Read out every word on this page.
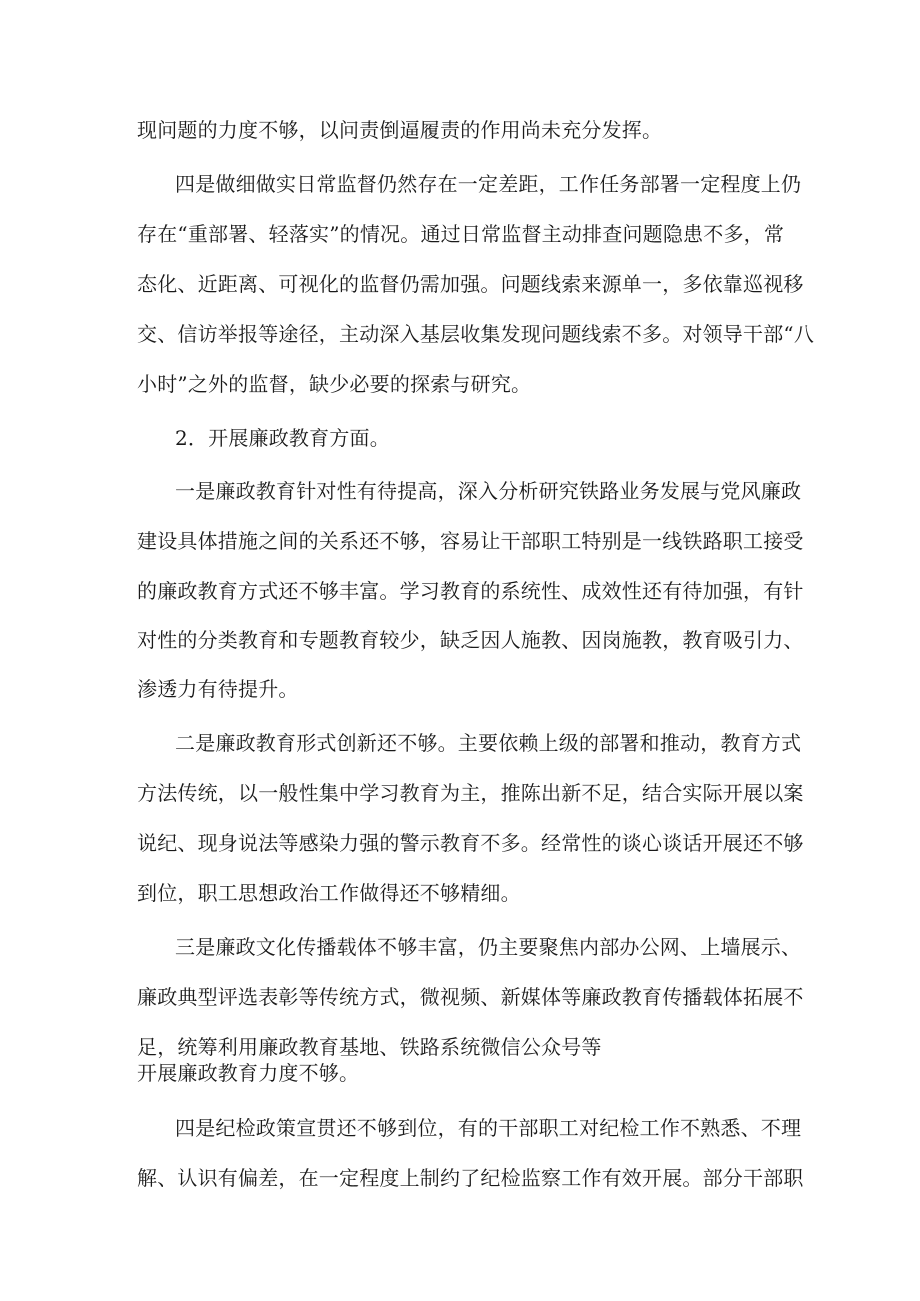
现问题的力度不够，以问责倒逼履责的作用尚未充分发挥。
四是做细做实日常监督仍然存在一定差距，工作任务部署一定程度上仍
存在“重部署、轻落实”的情况。通过日常监督主动排查问题隐患不多，常
态化、近距离、可视化的监督仍需加强。问题线索来源单一，多依靠巡视移
交、信访举报等途径，主动深入基层收集发现问题线索不多。对领导干部“八
小时”之外的监督，缺少必要的探索与研究。
2．开展廉政教育方面。
一是廉政教育针对性有待提高，深入分析研究铁路业务发展与党风廉政
建设具体措施之间的关系还不够，容易让干部职工特别是一线铁路职工接受
的廉政教育方式还不够丰富。学习教育的系统性、成效性还有待加强，有针
对性的分类教育和专题教育较少，缺乏因人施教、因岗施教，教育吸引力、
渗透力有待提升。
二是廉政教育形式创新还不够。主要依赖上级的部署和推动，教育方式
方法传统，以一般性集中学习教育为主，推陈出新不足，结合实际开展以案
说纪、现身说法等感染力强的警示教育不多。经常性的谈心谈话开展还不够
到位，职工思想政治工作做得还不够精细。
三是廉政文化传播载体不够丰富，仍主要聚焦内部办公网、上墙展示、
廉政典型评选表彰等传统方式，微视频、新媒体等廉政教育传播载体拓展不
足，统筹利用廉政教育基地、铁路系统微信公众号等
开展廉政教育力度不够。
四是纪检政策宣贯还不够到位，有的干部职工对纪检工作不熟悉、不理
解、认识有偏差，在一定程度上制约了纪检监察工作有效开展。部分干部职
